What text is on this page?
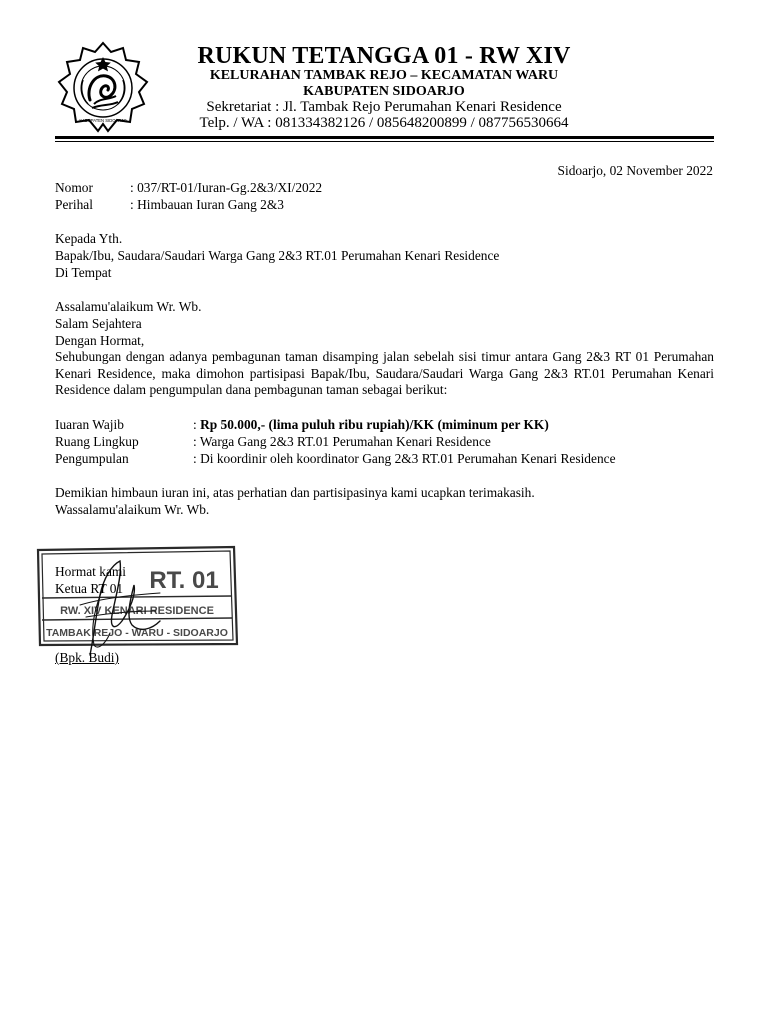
KABUPATEN SIDOARJO
RUKUN TETANGGA 01 - RW XIV
KELURAHAN TAMBAK REJO – KECAMATAN WARU
KABUPATEN SIDOARJO
Sekretariat : Jl. Tambak Rejo Perumahan Kenari Residence
Telp. / WA : 081334382126 / 085648200899 / 087756530664
Sidoarjo, 02 November 2022
Nomor	: 037/RT-01/Iuran-Gg.2&3/XI/2022
Perihal	: Himbauan Iuran Gang 2&3
Kepada Yth.
Bapak/Ibu, Saudara/Saudari Warga Gang 2&3 RT.01 Perumahan Kenari Residence
Di Tempat
Assalamu'alaikum Wr. Wb.
Salam Sejahtera
Dengan Hormat,
Sehubungan dengan adanya pembagunan taman disamping jalan sebelah sisi timur antara Gang 2&3 RT 01 Perumahan Kenari Residence, maka dimohon partisipasi Bapak/Ibu, Saudara/Saudari Warga Gang 2&3 RT.01 Perumahan Kenari Residence dalam pengumpulan dana pembagunan taman sebagai berikut:
Iuaran Wajib	: Rp 50.000,- (lima puluh ribu rupiah)/KK (miminum per KK)
Ruang Lingkup	: Warga Gang 2&3 RT.01 Perumahan Kenari Residence
Pengumpulan	: Di koordinir oleh koordinator Gang 2&3 RT.01 Perumahan Kenari Residence
Demikian himbaun iuran ini, atas perhatian dan partisipasinya kami ucapkan terimakasih.
Wassalamu'alaikum Wr. Wb.
RT. 01
RW. XIV KENARI RESIDENCE
TAMBAK REJO - WARU - SIDOARJO
Hormat kami
Ketua RT 01
(Bpk. Budi)
